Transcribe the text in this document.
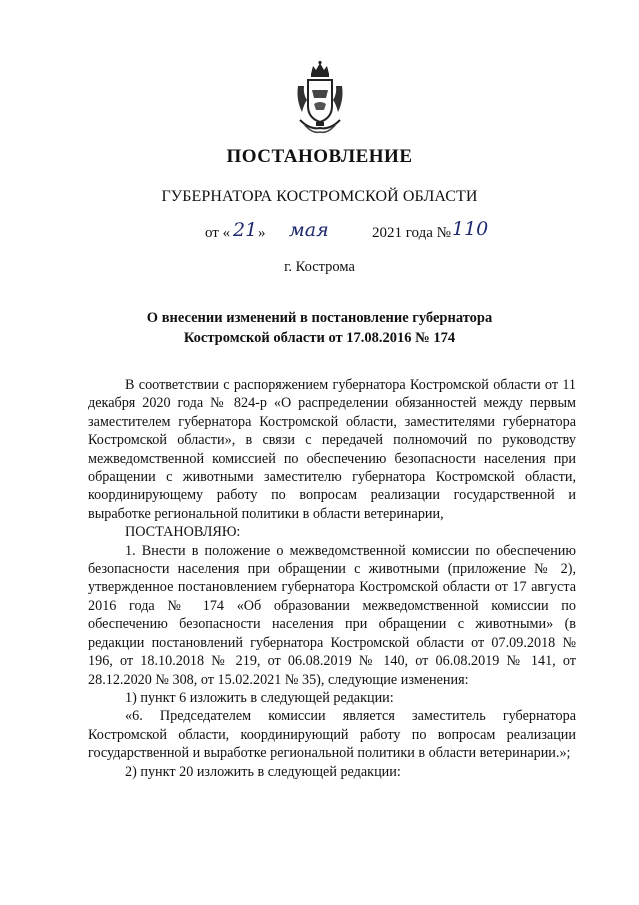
ПОСТАНОВЛЕНИЕ
ГУБЕРНАТОРА КОСТРОМСКОЙ ОБЛАСТИ
от « 21 » мая	2021 года № 110
г. Кострома
О внесении изменений в постановление губернатора
Костромской области от 17.08.2016 № 174
В соответствии с распоряжением губернатора Костромской области от 11 декабря 2020 года № 824-р «О распределении обязанностей между первым заместителем губернатора Костромской области, заместителями губернатора Костромской области», в связи с передачей полномочий по руководству межведомственной комиссией по обеспечению безопасности населения при обращении с животными заместителю губернатора Костромской области, координирующему работу по вопросам реализации государственной и выработке региональной политики в области ветеринарии,
ПОСТАНОВЛЯЮ:
1. Внести в положение о межведомственной комиссии по обеспечению безопасности населения при обращении с животными (приложение № 2), утвержденное постановлением губернатора Костромской области от 17 августа 2016 года № 174 «Об образовании межведомственной комиссии по обеспечению безопасности населения при обращении с животными» (в редакции постановлений губернатора Костромской области от 07.09.2018 № 196, от 18.10.2018 № 219, от 06.08.2019 № 140, от 06.08.2019 № 141, от 28.12.2020 № 308, от 15.02.2021 № 35), следующие изменения:
1) пункт 6 изложить в следующей редакции:
«6. Председателем комиссии является заместитель губернатора Костромской области, координирующий работу по вопросам реализации государственной и выработке региональной политики в области ветеринарии.»;
2) пункт 20 изложить в следующей редакции:
